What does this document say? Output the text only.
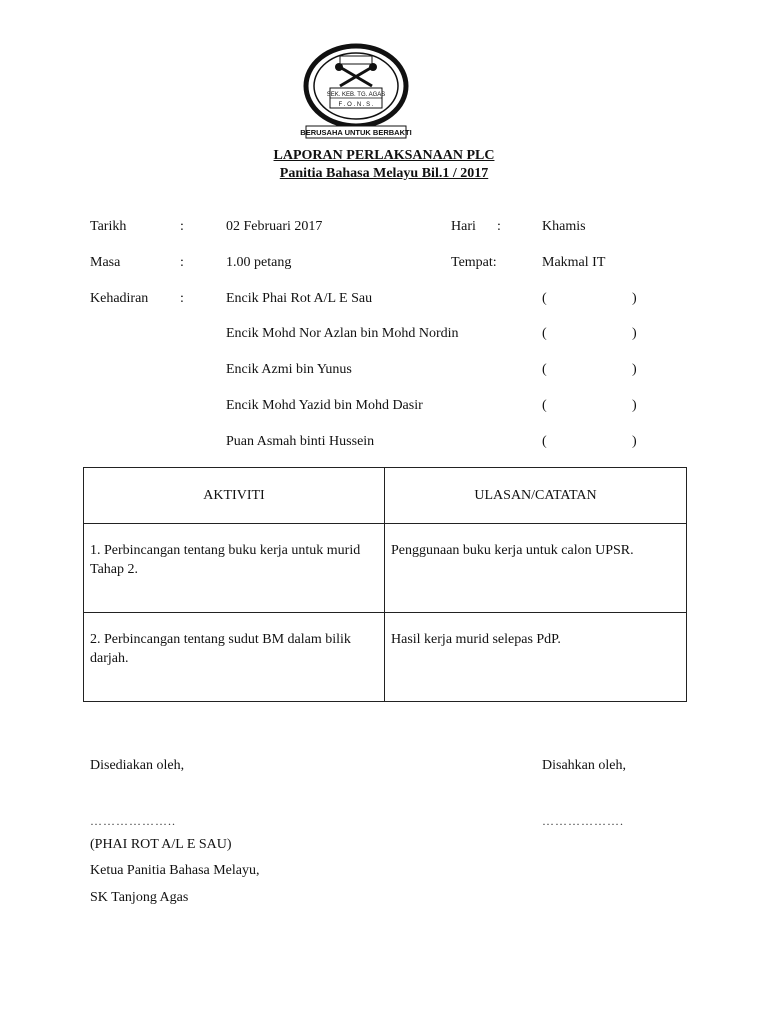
SEK. KEB. TG. AGAS
F . O . N . S .
BERUSAHA UNTUK BERBAKTI
LAPORAN PERLAKSANAAN PLC
Panitia Bahasa Melayu Bil.1 / 2017
Tarikh	:	02 Februari 2017	Hari :	Khamis
Masa	:	1.00 petang	Tempat:	Makmal IT
Kehadiran :	Encik Phai Rot A/L E Sau	(	)
Encik Mohd Nor Azlan bin Mohd Nordin	(	)
Encik Azmi bin Yunus	(	)
Encik Mohd Yazid bin Mohd Dasir	(	)
Puan Asmah binti Hussein	(	)
AKTIVITI	ULASAN/CATATAN
1. Perbincangan tentang buku kerja untuk murid Tahap 2.	Penggunaan buku kerja untuk calon UPSR.
2. Perbincangan tentang sudut BM dalam bilik darjah.	Hasil kerja murid selepas PdP.
Disediakan oleh,	Disahkan oleh,
………………..	……………….
(PHAI ROT A/L E SAU)
Ketua Panitia Bahasa Melayu,
SK Tanjong Agas
